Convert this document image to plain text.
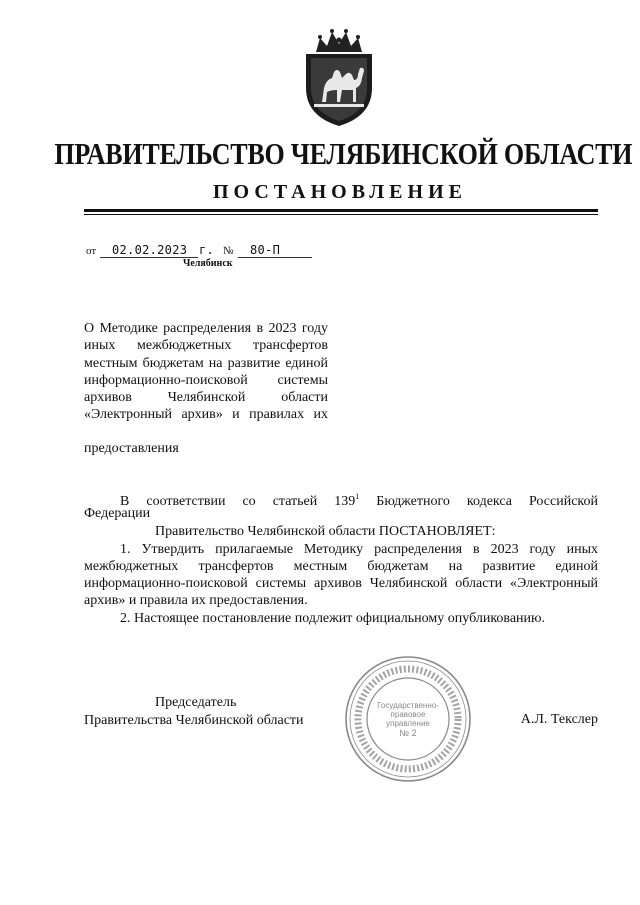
ПРАВИТЕЛЬСТВО ЧЕЛЯБИНСКОЙ ОБЛАСТИ
ПОСТАНОВЛЕНИЕ
от 02.02.2023 г. № 80-П
Челябинск

О Методике распределения в 2023 году иных межбюджетных трансфертов местным бюджетам на развитие единой информационно-поисковой системы архивов Челябинской области «Электронный архив» и правилах их

предоставления

В соответствии со статьей $139^1$ Бюджетного кодекса Российской

Федерации

Правительство Челябинской области ПОСТАНОВЛЯЕТ:

1. Утвердить прилагаемые Методику распределения в 2023 году иных межбюджетных трансфертов местным бюджетам на развитие единой информационно-поисковой системы архивов Челябинской области «Электронный архив» и правила их предоставления.

2. Настоящее постановление подлежит официальному опубликованию.

Председатель
Правительства Челябинской области	А.Л. Текслер

Государственно-
правовое
управление
№ 2
